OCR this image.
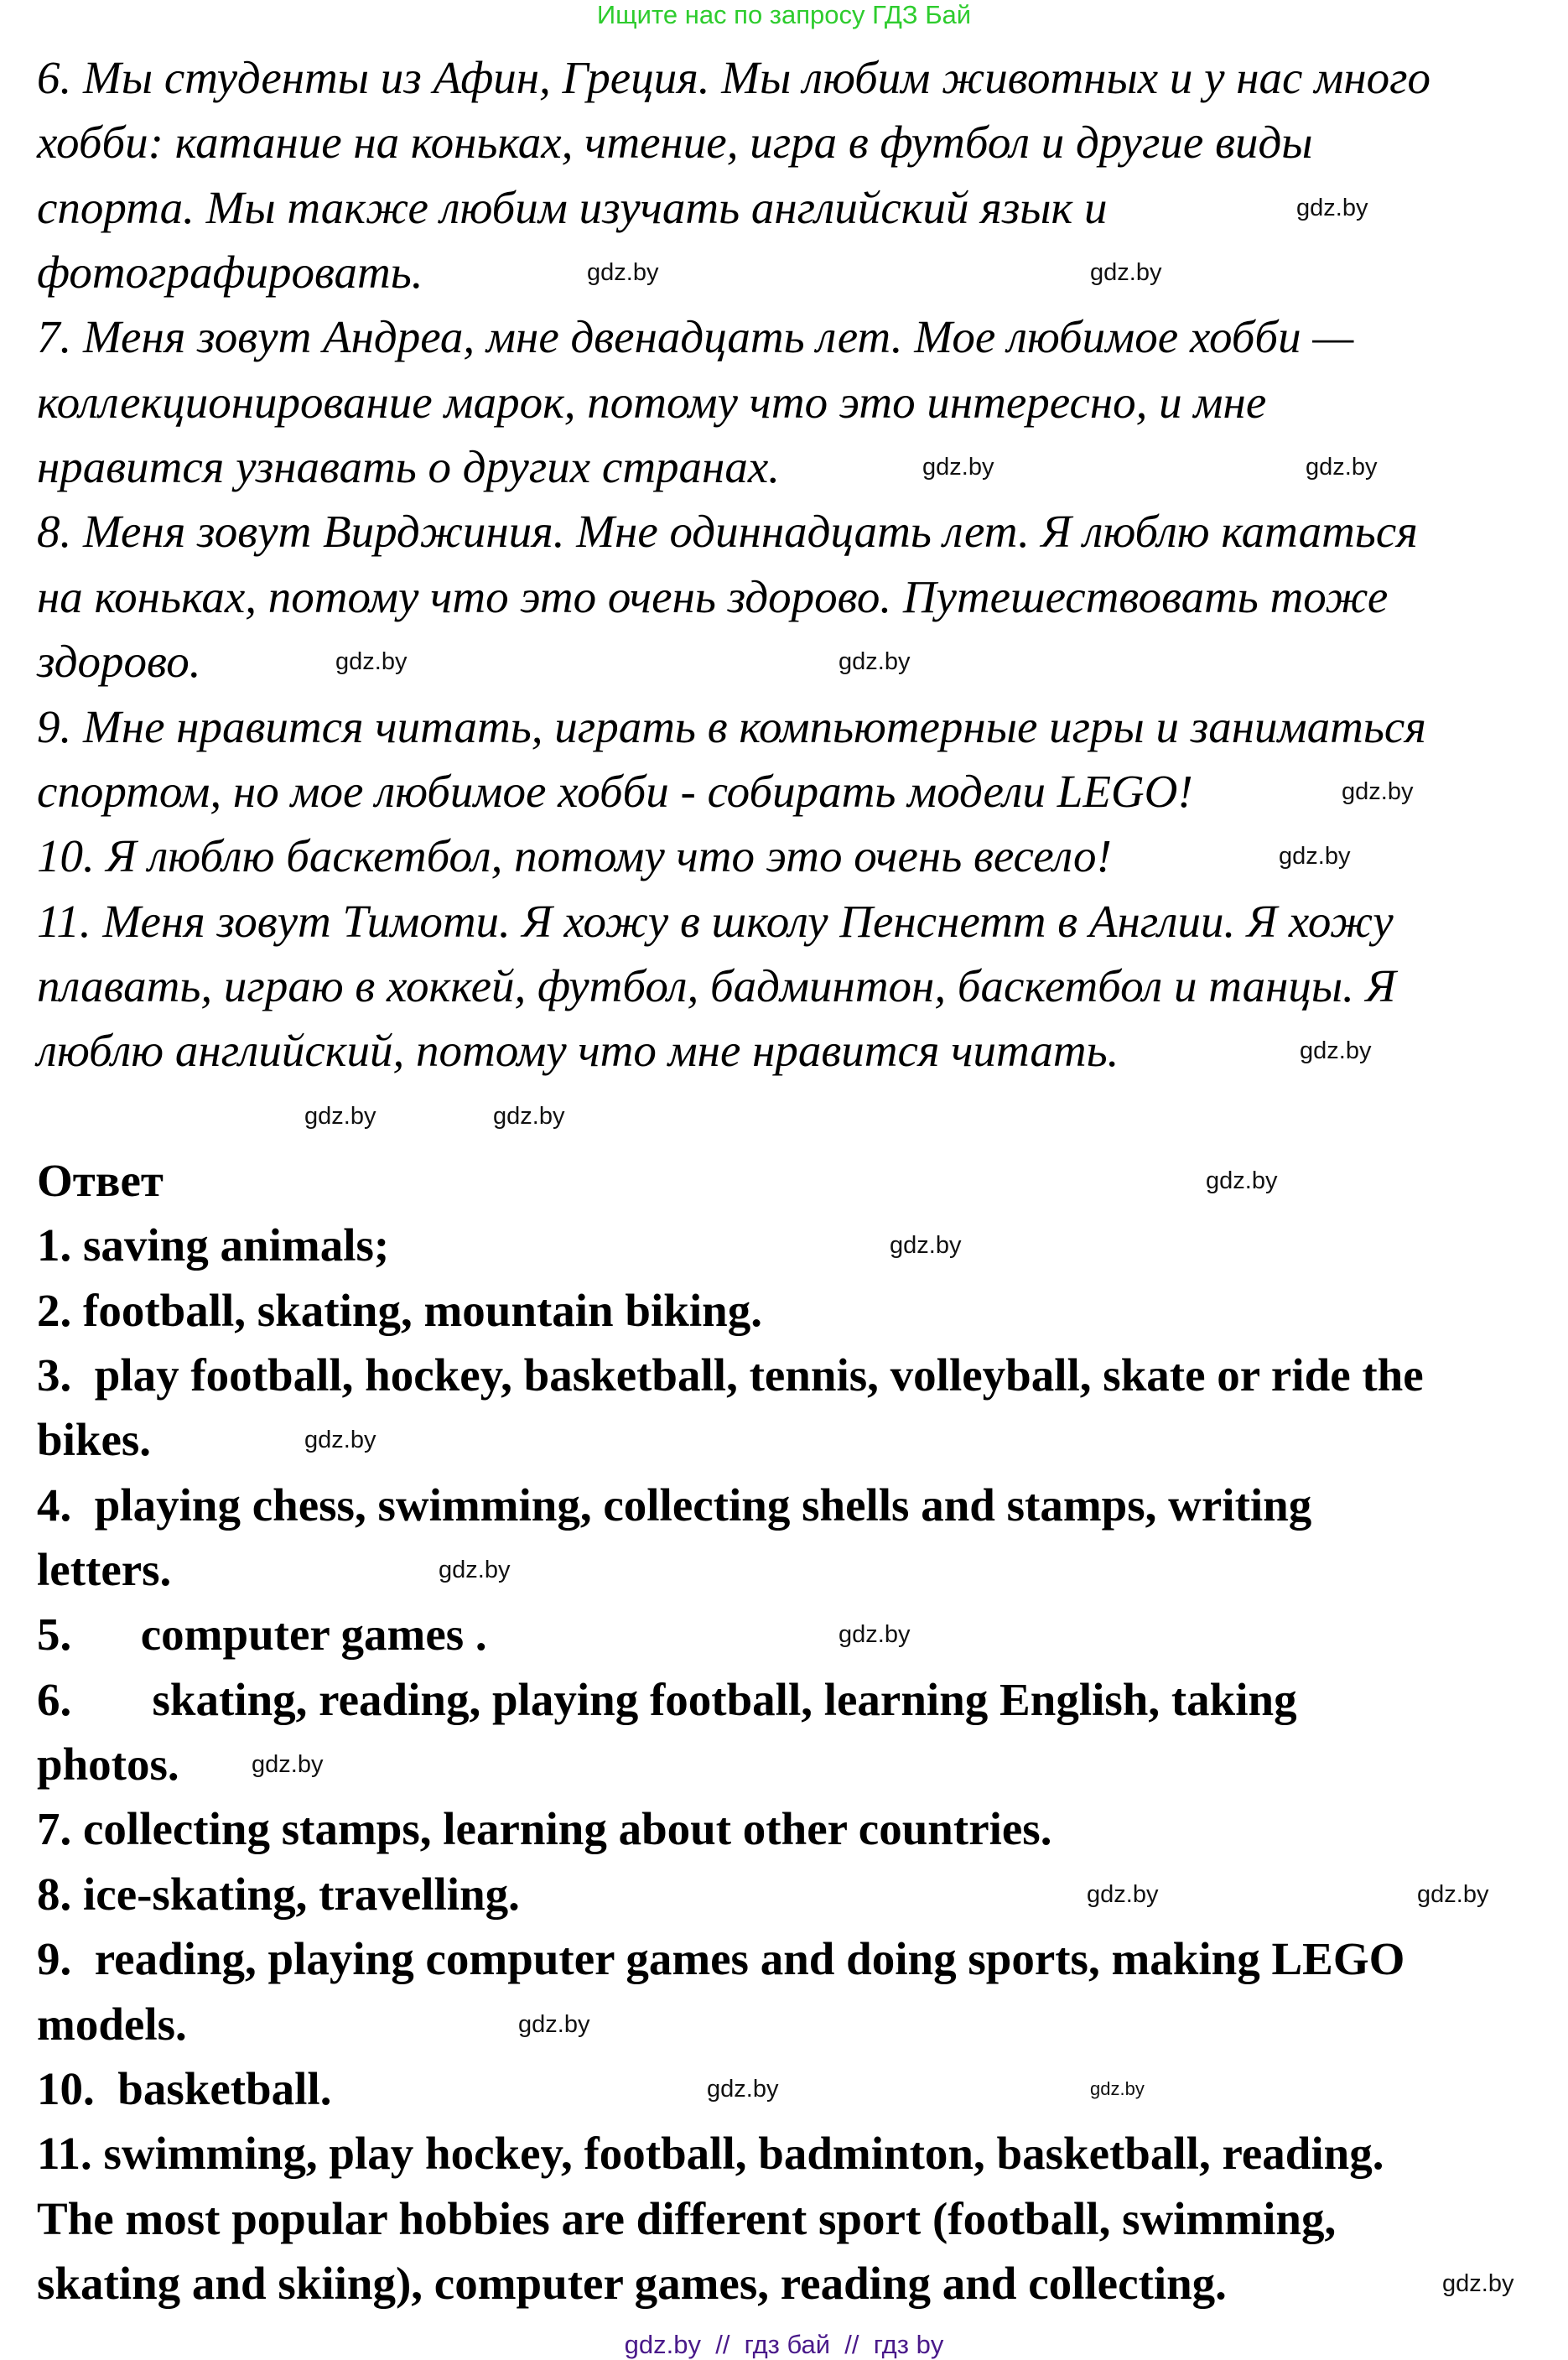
Ищите нас по запросу ГДЗ Бай
6. Мы студенты из Афин, Греция. Мы любим животных и у нас много
хобби: катание на коньках, чтение, игра в футбол и другие виды
спорта. Мы также любим изучать английский язык и
фотографировать.
7. Меня зовут Андреа, мне двенадцать лет. Мое любимое хобби —
коллекционирование марок, потому что это интересно, и мне
нравится узнавать о других странах.
8. Меня зовут Вирджиния. Мне одиннадцать лет. Я люблю кататься
на коньках, потому что это очень здорово. Путешествовать тоже
здорово.
9. Мне нравится читать, играть в компьютерные игры и заниматься
спортом, но мое любимое хобби - собирать модели LEGO!
10. Я люблю баскетбол, потому что это очень весело!
11. Меня зовут Тимоти. Я хожу в школу Пенснетт в Англии. Я хожу
плавать, играю в хоккей, футбол, бадминтон, баскетбол и танцы. Я
люблю английский, потому что мне нравится читать.
Ответ
1. saving animals;
2. football, skating, mountain biking.
3.  play football, hockey, basketball, tennis, volleyball, skate or ride the
bikes.
4.  playing chess, swimming, collecting shells and stamps, writing
letters.
5.      computer games .
6.       skating, reading, playing football, learning English, taking
photos.
7. collecting stamps, learning about other countries.
8. ice-skating, travelling.
9.  reading, playing computer games and doing sports, making LEGO
models.
10.  basketball.
11. swimming, play hockey, football, badminton, basketball, reading.
The most popular hobbies are different sport (football, swimming,
skating and skiing), computer games, reading and collecting.
gdz.by	gdz.by
gdz.by
gdz.by	gdz.by
gdz.by	gdz.by
gdz.by
gdz.by
gdz.by
gdz.by	gdz.by
gdz.by
gdz.by
gdz.by
gdz.by
gdz.by
gdz.by
gdz.by	gdz.by
gdz.by
gdz.by	gdz.by
gdz.by
gdz.by  //  гдз бай  //  гдз by
